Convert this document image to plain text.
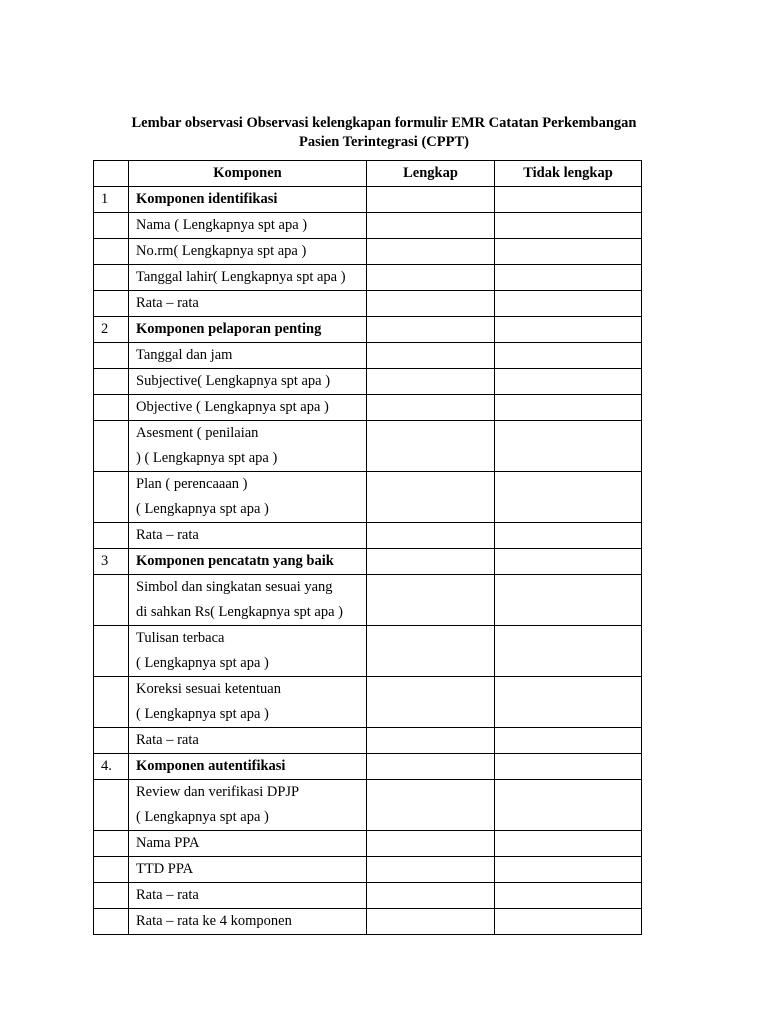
Lembar observasi Observasi kelengkapan formulir EMR Catatan Perkembangan
Pasien Terintegrasi (CPPT)
	Komponen	Lengkap	Tidak lengkap
1	Komponen identifikasi		

	Nama ( Lengkapnya spt apa )		

	No.rm( Lengkapnya spt apa )		

	Tanggal lahir( Lengkapnya spt apa )		

	Rata – rata		

2	Komponen pelaporan penting		

	Tanggal dan jam		

	Subjective( Lengkapnya spt apa )		

	Objective ( Lengkapnya spt apa )		

	Asesment ( penilaian
) ( Lengkapnya spt apa )		

	Plan ( perencaaan )
( Lengkapnya spt apa )		

	Rata – rata		

3	Komponen pencatatn yang baik		

	Simbol dan singkatan sesuai yang
di sahkan Rs( Lengkapnya spt apa )		

	Tulisan terbaca
( Lengkapnya spt apa )		

	Koreksi sesuai ketentuan
( Lengkapnya spt apa )		

	Rata – rata		

4.	Komponen autentifikasi		

	Review dan verifikasi DPJP
( Lengkapnya spt apa )		

	Nama PPA		

	TTD PPA		

	Rata – rata		

	Rata – rata ke 4 komponen		
